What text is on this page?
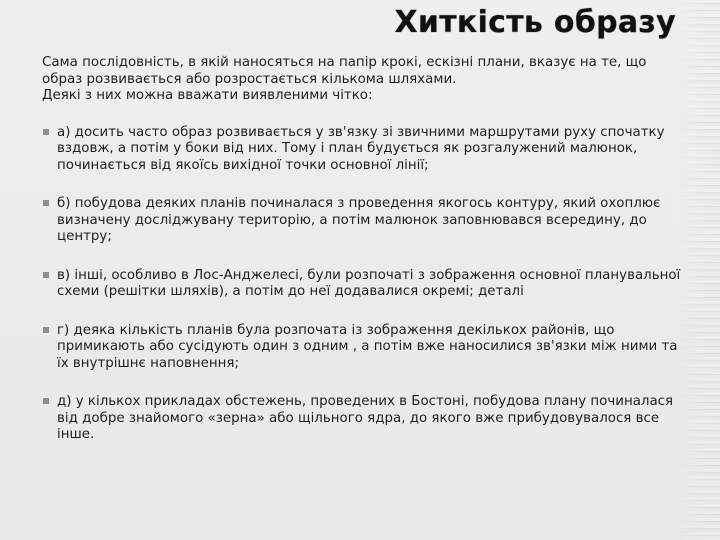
Хиткість образу

Сама послідовність, в якій наносяться на папір крокі, ескізні плани, вказує на те, що образ розвивається або розростається кількома шляхами.

Деякі з них можна вважати виявленими чітко:

а) досить часто образ розвивається у зв'язку зі звичними маршрутами руху спочатку вздовж, а потім у боки від них. Тому і план будується як розгалужений малюнок, починається від якоїсь вихідної точки основної лінії;
б) побудова деяких планів починалася з проведення якогось контуру, який охоплює визначену досліджувану територію, а потім малюнок заповнювався всередину, до центру;
в) інші, особливо в Лос-Анджелесі, були розпочаті з зображення основної планувальної схеми (решітки шляхів), а потім до неї додавалися окремі; деталі
г) деяка кількість планів була розпочата із зображення декількох районів, що примикають або сусідують один з одним , а потім вже наносилися зв'язки між ними та їх внутрішнє наповнення;
д) у кількох прикладах обстежень, проведених в Бостоні, побудова плану починалася від добре знайомого «зерна» або щільного ядра, до якого вже прибудовувалося все інше.
